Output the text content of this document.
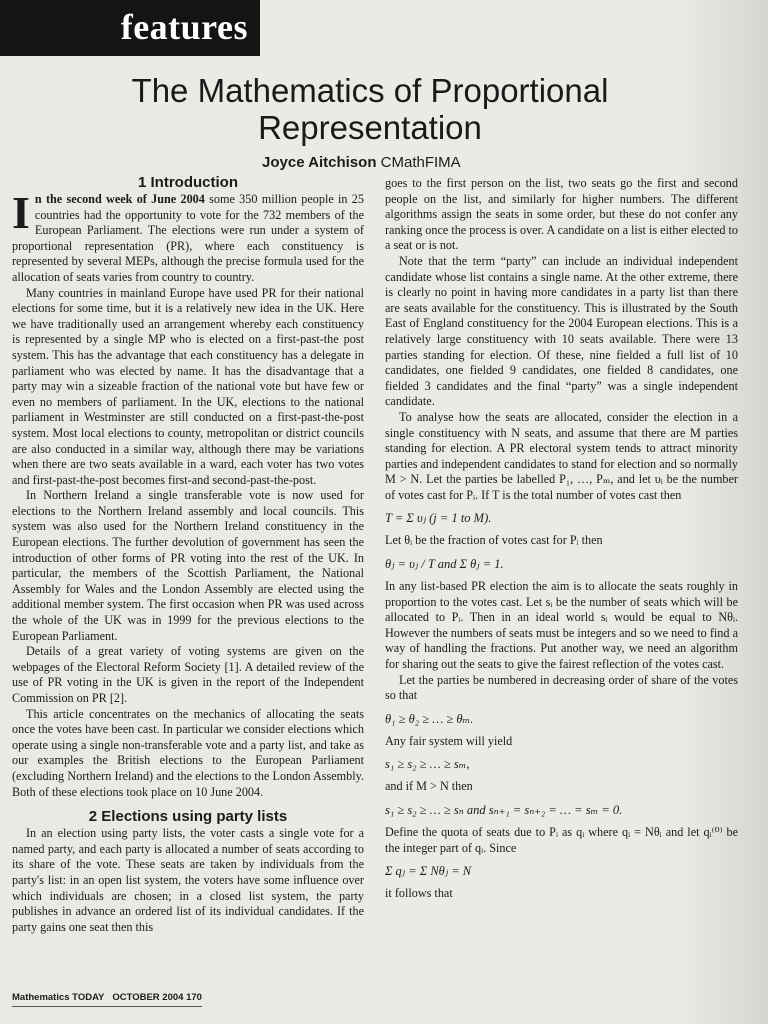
features
The Mathematics of Proportional
Representation
Joyce Aitchison CMathFIMA
1 Introduction

In the second week of June 2004 some 350 million people in 25 countries had the opportunity to vote for the 732 members of the European Parliament. The elections were run under a system of proportional representation (PR), where each constituency is represented by several MEPs, although the precise formula used for the allocation of seats varies from country to country.

Many countries in mainland Europe have used PR for their national elections for some time, but it is a relatively new idea in the UK. Here we have traditionally used an arrangement whereby each constituency is represented by a single MP who is elected on a first-past-the post system. This has the advantage that each constituency has a delegate in parliament who was elected by name. It has the disadvantage that a party may win a sizeable fraction of the national vote but have few or even no members of parliament. In the UK, elections to the national parliament in Westminster are still conducted on a first-past-the-post system. Most local elections to county, metropolitan or district councils are also conducted in a similar way, although there may be variations when there are two seats available in a ward, each voter has two votes and first-past-the-post becomes first-and second-past-the-post.

In Northern Ireland a single transferable vote is now used for elections to the Northern Ireland assembly and local councils. This system was also used for the Northern Ireland constituency in the European elections. The further devolution of government has seen the introduction of other forms of PR voting into the rest of the UK. In particular, the members of the Scottish Parliament, the National Assembly for Wales and the London Assembly are elected using the additional member system. The first occasion when PR was used across the whole of the UK was in 1999 for the previous elections to the European Parliament.

Details of a great variety of voting systems are given on the webpages of the Electoral Reform Society [1]. A detailed review of the use of PR voting in the UK is given in the report of the Independent Commission on PR [2].

This article concentrates on the mechanics of allocating the seats once the votes have been cast. In particular we consider elections which operate using a single non-transferable vote and a party list, and take as our examples the British elections to the European Parliament (excluding Northern Ireland) and the elections to the London Assembly. Both of these elections took place on 10 June 2004.

2 Elections using party lists

In an election using party lists, the voter casts a single vote for a named party, and each party is allocated a number of seats according to its share of the vote. These seats are taken by individuals from the party's list: in an open list system, the voters have some influence over which individuals are chosen; in a closed list system, the party publishes in advance an ordered list of its individual candidates. If the party gains one seat then this

goes to the first person on the list, two seats go the first and second people on the list, and similarly for higher numbers. The different algorithms assign the seats in some order, but these do not confer any ranking once the process is over. A candidate on a list is either elected to a seat or is not.

Note that the term “party” can include an individual independent candidate whose list contains a single name. At the other extreme, there is clearly no point in having more candidates in a party list than there are seats available for the constituency. This is illustrated by the South East of England constituency for the 2004 European elections. This is a relatively large constituency with 10 seats available. There were 13 parties standing for election. Of these, nine fielded a full list of 10 candidates, one fielded 9 candidates, one fielded 8 candidates, one fielded 3 candidates and the final “party” was a single independent candidate.

To analyse how the seats are allocated, consider the election in a single constituency with N seats, and assume that there are M parties standing for election. A PR electoral system tends to attract minority parties and independent candidates to stand for election and so normally M > N. Let the parties be labelled P₁, …, Pₘ, and let υᵢ be the number of votes cast for Pᵢ. If T is the total number of votes cast then

T = Σ υⱼ (j = 1 to M).

Let θᵢ be the fraction of votes cast for Pᵢ then

θⱼ = υⱼ / T and Σ θⱼ = 1.

In any list-based PR election the aim is to allocate the seats roughly in proportion to the votes cast. Let sᵢ be the number of seats which will be allocated to Pᵢ. Then in an ideal world sᵢ would be equal to Nθᵢ. However the numbers of seats must be integers and so we need to find a way of handling the fractions. Put another way, we need an algorithm for sharing out the seats to give the fairest reflection of the votes cast.

Let the parties be numbered in decreasing order of share of the votes so that

θ₁ ≥ θ₂ ≥ … ≥ θₘ.

Any fair system will yield

s₁ ≥ s₂ ≥ … ≥ sₘ,

and if M > N then

s₁ ≥ s₂ ≥ … ≥ sₙ and sₙ₊₁ = sₙ₊₂ = … = sₘ = 0.

Define the quota of seats due to Pᵢ as qᵢ where qᵢ = Nθᵢ and let qᵢ⁽⁰⁾ be the integer part of qᵢ. Since

Σ qⱼ = Σ Nθⱼ = N

it follows that

Mathematics TODAY OCTOBER 2004 170
